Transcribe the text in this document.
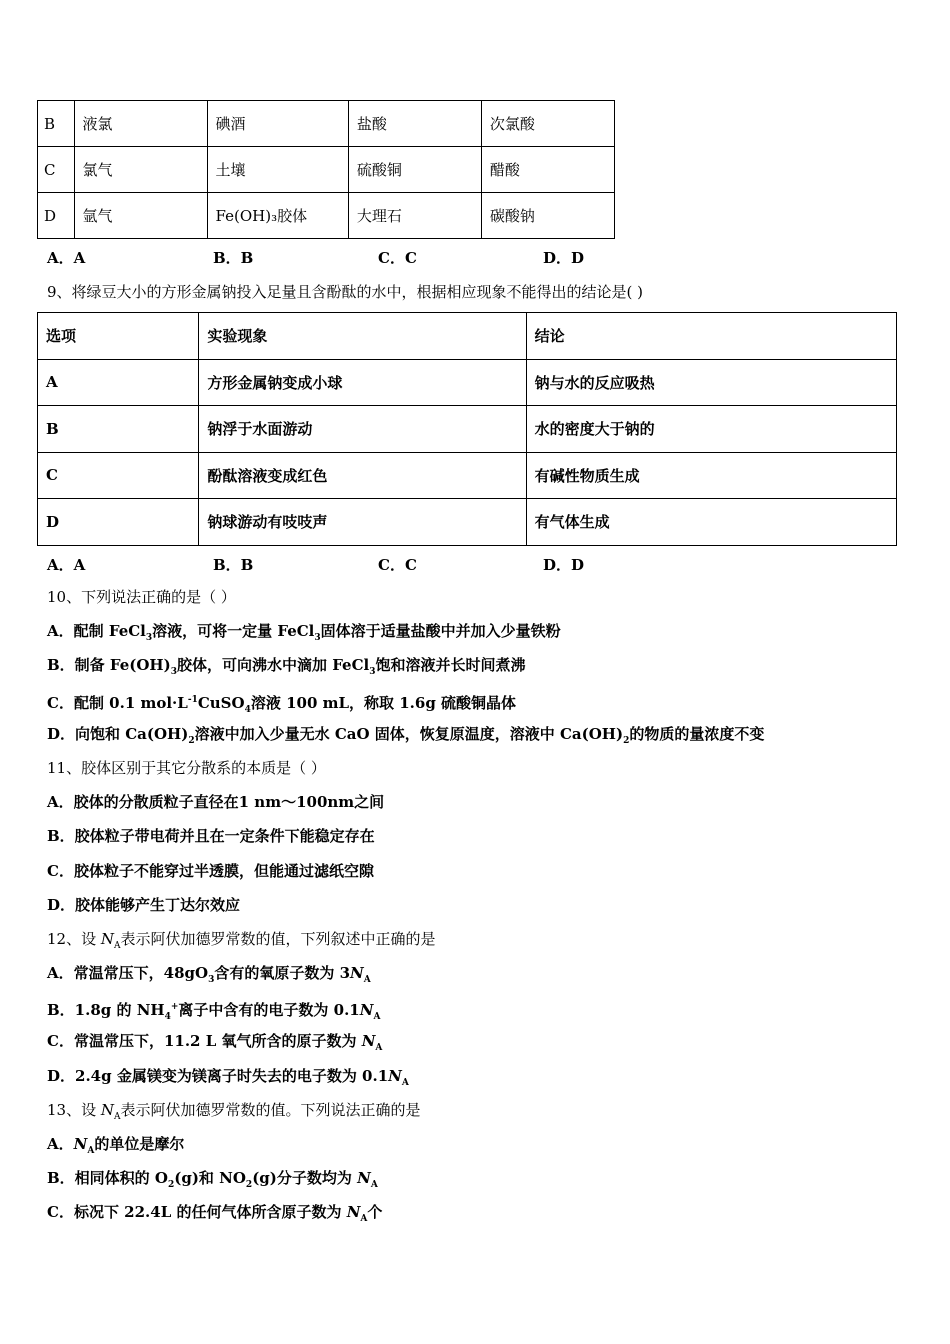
B	液氯	碘酒	盐酸	次氯酸
C	氯气	土壤	硫酸铜	醋酸
D	氩气	Fe(OH)₃胶体	大理石	碳酸钠
A．A	B．B	C．C	D．D
9、将绿豆大小的方形金属钠投入足量且含酚酞的水中，根据相应现象不能得出的结论是( )
选项	实验现象	结论
A	方形金属钠变成小球	钠与水的反应吸热
B	钠浮于水面游动	水的密度大于钠的
C	酚酞溶液变成红色	有碱性物质生成
D	钠球游动有吱吱声	有气体生成
A．A	B．B	C．C	D．D
10、下列说法正确的是（ ）
A．配制 FeCl$_3$溶液，可将一定量 FeCl$_3$固体溶于适量盐酸中并加入少量铁粉
B．制备 $Fe(OH)_3$胶体，可向沸水中滴加 FeCl$_3$饱和溶液并长时间煮沸
C．配制 0.1 $mol\cdot L^{-1}CuSO_4$溶液 100 mL，称取 1.6g 硫酸铜晶体
D．向饱和 $Ca(OH)_2$溶液中加入少量无水 CaO 固体，恢复原温度，溶液中 $Ca(OH)_2$的物质的量浓度不变
11、胶体区别于其它分散系的本质是（ ）
A．胶体的分散质粒子直径在1 nm～100nm之间
B．胶体粒子带电荷并且在一定条件下能稳定存在
C．胶体粒子不能穿过半透膜，但能通过滤纸空隙
D．胶体能够产生丁达尔效应
12、设 $N_A$表示阿伏加德罗常数的值，下列叙述中正确的是
A．常温常压下，$48gO_3$含有的氧原子数为 $3N_A$
B．1.8g 的 $NH_4^+$离子中含有的电子数为 $0.1N_A$
C．常温常压下，11.2 L 氧气所含的原子数为 $N_A$
D．2.4g 金属镁变为镁离子时失去的电子数为 $0.1N_A$
13、设 $N_A$表示阿伏加德罗常数的值。下列说法正确的是
A．$N_A$的单位是摩尔
B．相同体积的 $O_2(g)$和 $NO_2(g)$分子数均为 $N_A$
C．标况下 22.4L 的任何气体所含原子数为 $N_A$个
